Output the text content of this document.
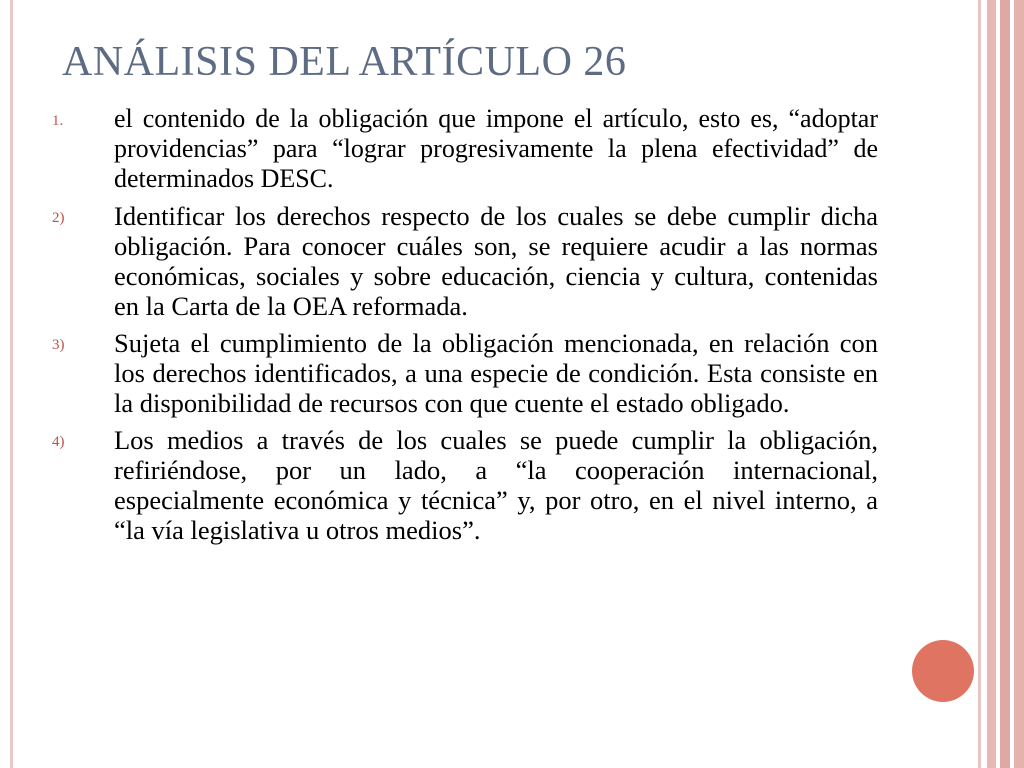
ANÁLISIS DEL ARTÍCULO 26
1.	el contenido de la obligación que impone el artículo, esto es, “adoptar providencias” para “lograr progresivamente la plena efectividad” de determinados DESC.
2)	Identificar los derechos respecto de los cuales se debe cumplir dicha obligación. Para conocer cuáles son, se requiere acudir a las normas económicas, sociales y sobre educación, ciencia y cultura, contenidas en la Carta de la OEA reformada.
3)	Sujeta el cumplimiento de la obligación mencionada, en relación con los derechos identificados, a una especie de condición. Esta consiste en la disponibilidad de recursos con que cuente el estado obligado.
4)	Los medios a través de los cuales se puede cumplir la obligación, refiriéndose, por un lado, a “la cooperación internacional, especialmente económica y técnica” y, por otro, en el nivel interno, a “la vía legislativa u otros medios”.
